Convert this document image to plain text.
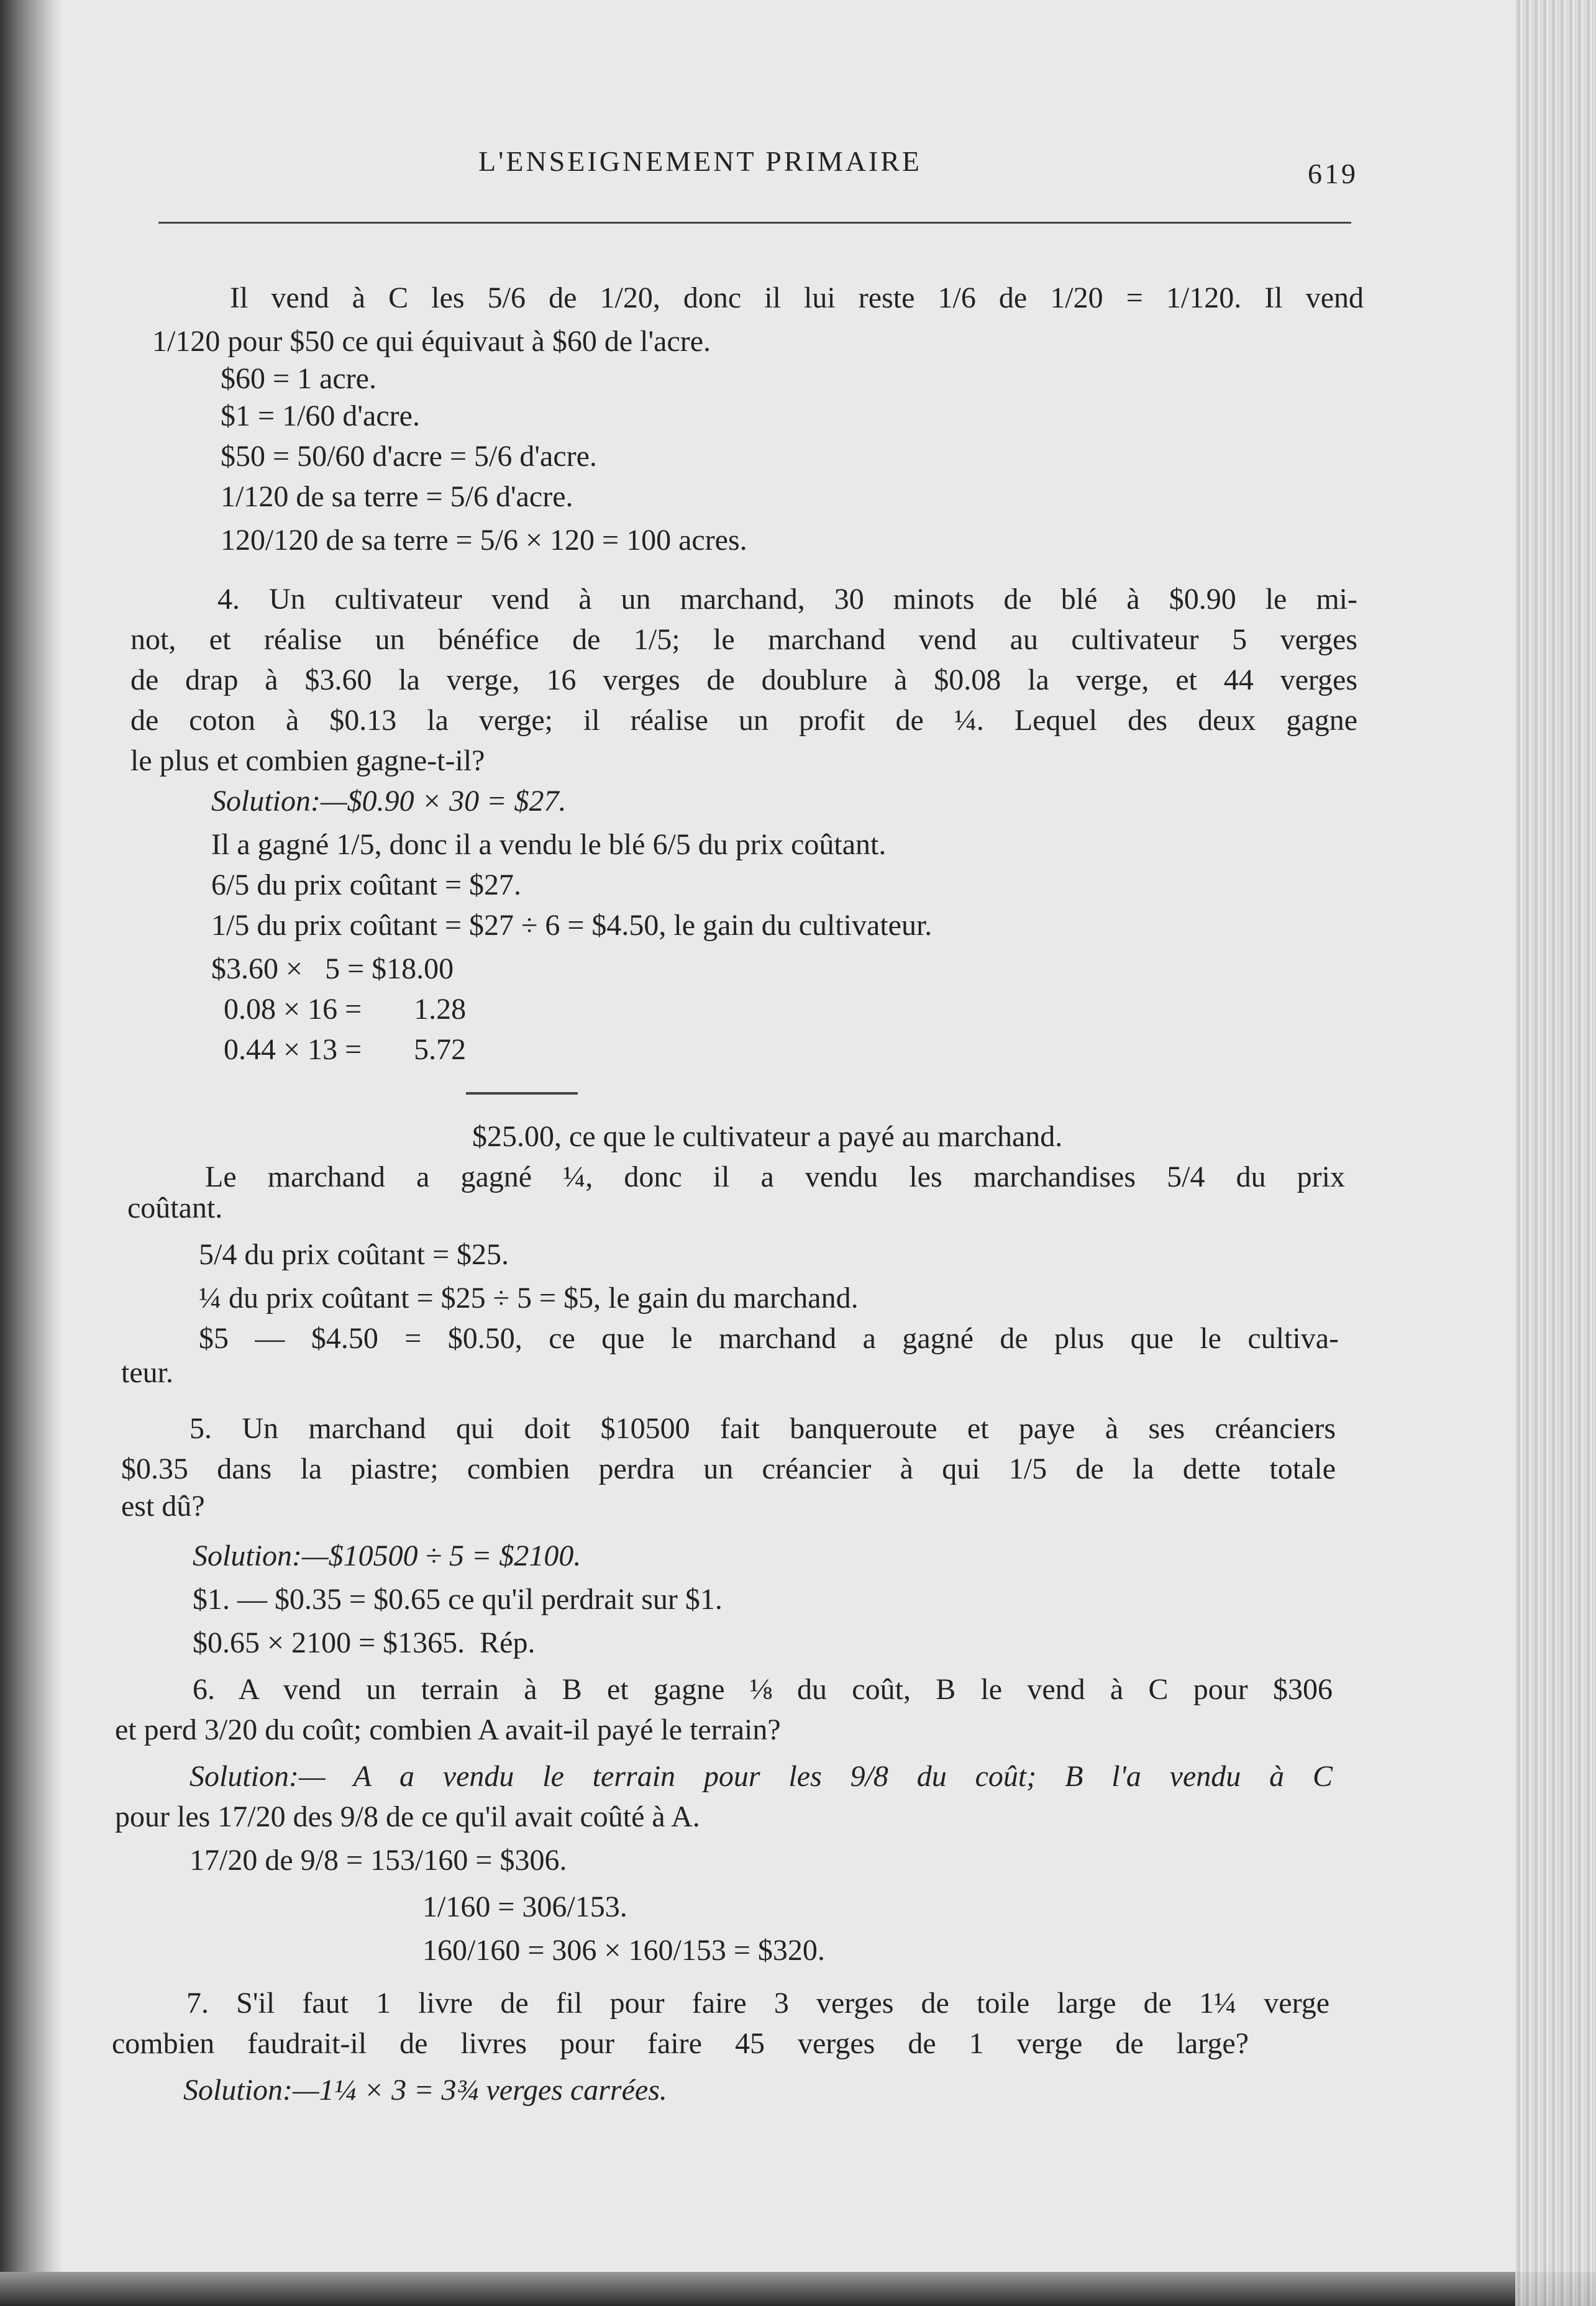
L'ENSEIGNEMENT PRIMAIRE	619
Il vend à C les 5/6 de 1/20, donc il lui reste 1/6 de 1/20 = 1/120. Il vend
1/120 pour $50 ce qui équivaut à $60 de l'acre.
$60 = 1 acre.
$1 = 1/60 d'acre.
$50 = 50/60 d'acre = 5/6 d'acre.
1/120 de sa terre = 5/6 d'acre.
120/120 de sa terre = 5/6 × 120 = 100 acres.
4. Un cultivateur vend à un marchand, 30 minots de blé à $0.90 le mi-
not, et réalise un bénéfice de 1/5; le marchand vend au cultivateur 5 verges
de drap à $3.60 la verge, 16 verges de doublure à $0.08 la verge, et 44 verges
de coton à $0.13 la verge; il réalise un profit de ¼. Lequel des deux gagne
le plus et combien gagne-t-il?
Solution:—$0.90 × 30 = $27.
Il a gagné 1/5, donc il a vendu le blé 6/5 du prix coûtant.
6/5 du prix coûtant = $27.
1/5 du prix coûtant = $27 ÷ 6 = $4.50, le gain du cultivateur.
$3.60 ×   5 = $18.00
0.08 × 16 =       1.28
0.44 × 13 =       5.72
$25.00, ce que le cultivateur a payé au marchand.
Le marchand a gagné ¼, donc il a vendu les marchandises 5/4 du prix
coûtant.
5/4 du prix coûtant = $25.
¼ du prix coûtant = $25 ÷ 5 = $5, le gain du marchand.
$5 — $4.50 = $0.50, ce que le marchand a gagné de plus que le cultiva-
teur.
5. Un marchand qui doit $10500 fait banqueroute et paye à ses créanciers
$0.35 dans la piastre; combien perdra un créancier à qui 1/5 de la dette totale
est dû?
Solution:—$10500 ÷ 5 = $2100.
$1. — $0.35 = $0.65 ce qu'il perdrait sur $1.
$0.65 × 2100 = $1365.  Rép.
6. A vend un terrain à B et gagne ⅛ du coût, B le vend à C pour $306
et perd 3/20 du coût; combien A avait-il payé le terrain?
Solution:— A a vendu le terrain pour les 9/8 du coût; B l'a vendu à C
pour les 17/20 des 9/8 de ce qu'il avait coûté à A.
17/20 de 9/8 = 153/160 = $306.
1/160 = 306/153.
160/160 = 306 × 160/153 = $320.
7. S'il faut 1 livre de fil pour faire 3 verges de toile large de 1¼ verge
combien faudrait-il de livres pour faire 45 verges de 1 verge de large?
Solution:—1¼ × 3 = 3¾ verges carrées.
